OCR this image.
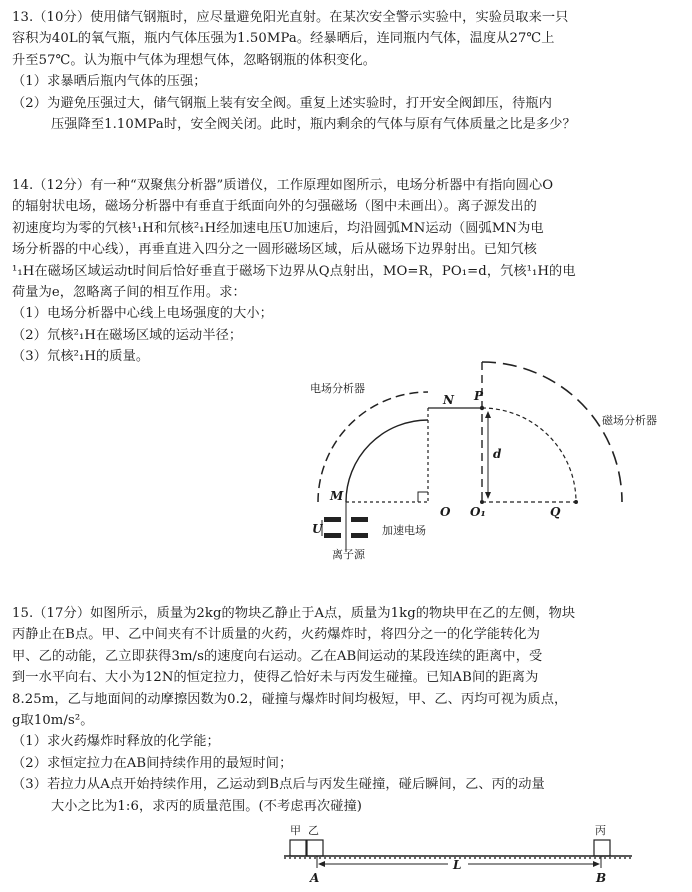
13.（10分）使用储气钢瓶时，应尽量避免阳光直射。在某次安全警示实验中，实验员取来一只

容积为40L的氧气瓶，瓶内气体压强为1.50MPa。经暴晒后，连同瓶内气体，温度从27℃上

升至57℃。认为瓶中气体为理想气体，忽略钢瓶的体积变化。

（1）求暴晒后瓶内气体的压强；

（2）为避免压强过大，储气钢瓶上装有安全阀。重复上述实验时，打开安全阀卸压，待瓶内

压强降至1.10MPa时，安全阀关闭。此时，瓶内剩余的气体与原有气体质量之比是多少？

14.（12分）有一种“双聚焦分析器”质谱仪，工作原理如图所示，电场分析器中有指向圆心O

的辐射状电场，磁场分析器中有垂直于纸面向外的匀强磁场（图中未画出）。离子源发出的

初速度均为零的氕核¹₁H和氘核²₁H经加速电压U加速后，均沿圆弧MN运动（圆弧MN为电

场分析器的中心线），再垂直进入四分之一圆形磁场区域，后从磁场下边界射出。已知氕核

¹₁H在磁场区域运动t时间后恰好垂直于磁场下边界从Q点射出，MO=R，PO₁=d，氕核¹₁H的电

荷量为e，忽略离子间的相互作用。求：

（1）电场分析器中心线上电场强度的大小；

（2）氘核²₁H在磁场区域的运动半径；

（3）氘核²₁H的质量。

电场分析器
磁场分析器
加速电场
离子源
N P
M
O O₁	Q
d
U

15.（17分）如图所示，质量为2kg的物块乙静止于A点，质量为1kg的物块甲在乙的左侧，物块

丙静止在B点。甲、乙中间夹有不计质量的火药，火药爆炸时，将四分之一的化学能转化为

甲、乙的动能，乙立即获得3m/s的速度向右运动。乙在AB间运动的某段连续的距离中，受

到一水平向右、大小为12N的恒定拉力，使得乙恰好未与丙发生碰撞。已知AB间的距离为

8.25m，乙与地面间的动摩擦因数为0.2，碰撞与爆炸时间均极短，甲、乙、丙均可视为质点，

g取10m/s²。

（1）求火药爆炸时释放的化学能；

（2）求恒定拉力在AB间持续作用的最短时间；

（3）若拉力从A点开始持续作用，乙运动到B点后与丙发生碰撞，碰后瞬间，乙、丙的动量

大小之比为1:6，求丙的质量范围。(不考虑再次碰撞)

甲 乙	丙
L
A	B
